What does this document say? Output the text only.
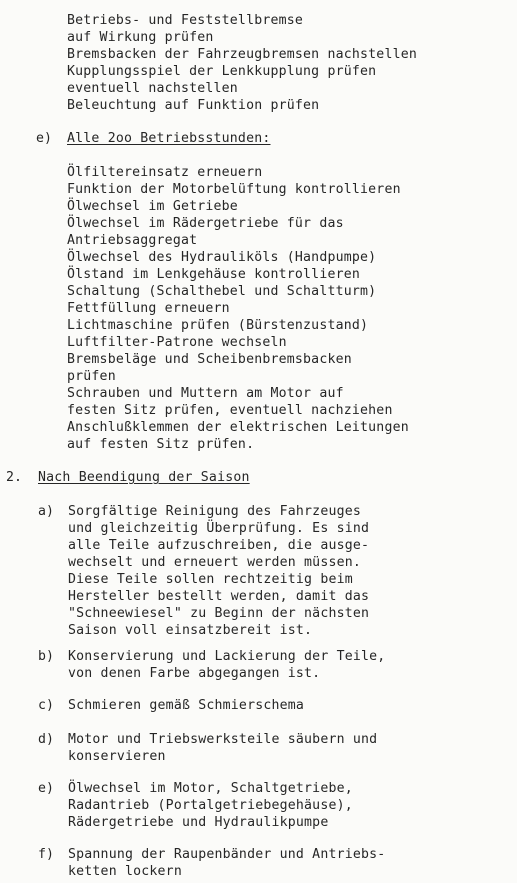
Betriebs- und Feststellbremse
auf Wirkung prüfen
Bremsbacken der Fahrzeugbremsen nachstellen
Kupplungsspiel der Lenkkupplung prüfen
eventuell nachstellen
Beleuchtung auf Funktion prüfen
e) Alle 2oo Betriebsstunden:
Ölfiltereinsatz erneuern
Funktion der Motorbelüftung kontrollieren
Ölwechsel im Getriebe
Ölwechsel im Rädergetriebe für das
Antriebsaggregat
Ölwechsel des Hydrauliköls (Handpumpe)
Ölstand im Lenkgehäuse kontrollieren
Schaltung (Schalthebel und Schaltturm)
Fettfüllung erneuern
Lichtmaschine prüfen (Bürstenzustand)
Luftfilter-Patrone wechseln
Bremsbeläge und Scheibenbremsbacken
prüfen
Schrauben und Muttern am Motor auf
festen Sitz prüfen, eventuell nachziehen
Anschlußklemmen der elektrischen Leitungen
auf festen Sitz prüfen.
2. Nach Beendigung der Saison
a) Sorgfältige Reinigung des Fahrzeuges
und gleichzeitig Überprüfung. Es sind
alle Teile aufzuschreiben, die ausge-
wechselt und erneuert werden müssen.
Diese Teile sollen rechtzeitig beim
Hersteller bestellt werden, damit das
"Schneewiesel" zu Beginn der nächsten
Saison voll einsatzbereit ist.
b) Konservierung und Lackierung der Teile,
von denen Farbe abgegangen ist.
c) Schmieren gemäß Schmierschema
d) Motor und Triebswerksteile säubern und
konservieren
e) Ölwechsel im Motor, Schaltgetriebe,
Radantrieb (Portalgetriebegehäuse),
Rädergetriebe und Hydraulikpumpe
f) Spannung der Raupenbänder und Antriebs-
ketten lockern
